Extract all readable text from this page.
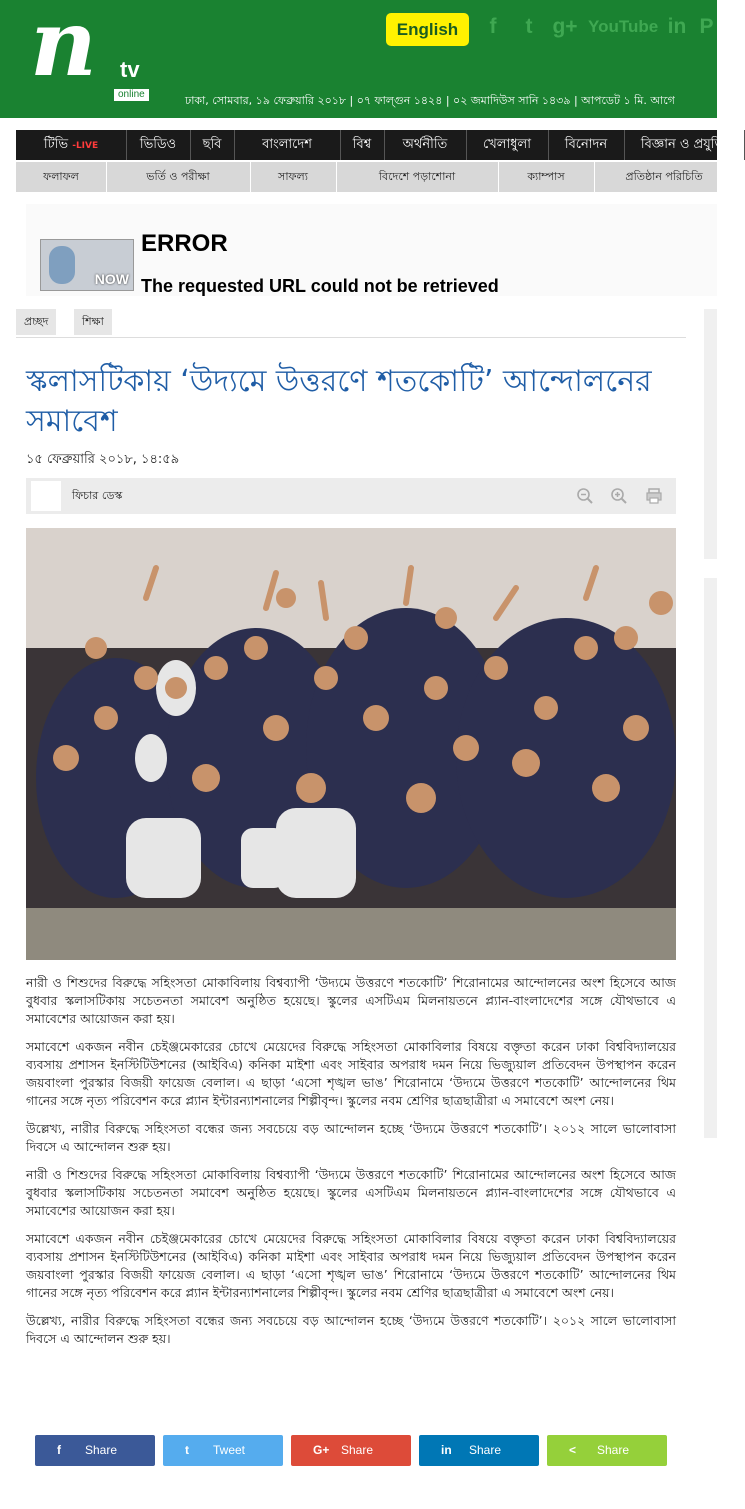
n tv
online
English	f	t g+ YouTube in P
ঢাকা, সোমবার, ১৯ ফেব্রুয়ারি ২০১৮ | ০৭ ফাল্গুন ১৪২৪ | ০২ জমাদিউস সানি ১৪৩৯ | আপডেট ১ মি. আগে
টিভি -LIVE	ভিডিও	ছবি	বাংলাদেশ	বিশ্ব	অর্থনীতি	খেলাধুলা	বিনোদন	বিজ্ঞান ও প্রযুক্তি
ফলাফল	ভর্তি ও পরীক্ষা	সাফল্য	বিদেশে পড়াশোনা	ক্যাম্পাস	প্রতিষ্ঠান পরিচিতি
NOW
ERROR
The requested URL could not be retrieved
প্রচ্ছদ	শিক্ষা
স্কলাসটিকায় ‘উদ্যমে উত্তরণে শতকোটি’ আন্দোলনের সমাবেশ
১৫ ফেব্রুয়ারি ২০১৮, ১৪:৫৯
ফিচার ডেস্ক

নারী ও শিশুদের বিরুদ্ধে সহিংসতা মোকাবিলায় বিশ্বব্যাপী ‘উদ্যমে উত্তরণে শতকোটি’ শিরোনামের আন্দোলনের অংশ হিসেবে আজ বুধবার স্কলাসটিকায় সচেতনতা সমাবেশ অনুষ্ঠিত হয়েছে। স্কুলের এসটিএম মিলনায়তনে প্ল্যান-বাংলাদেশের সঙ্গে যৌথভাবে এ সমাবেশের আয়োজন করা হয়।

সমাবেশে একজন নবীন চেইঞ্জমেকারের চোখে মেয়েদের বিরুদ্ধে সহিংসতা মোকাবিলার বিষয়ে বক্তৃতা করেন ঢাকা বিশ্ববিদ্যালয়ের ব্যবসায় প্রশাসন ইনস্টিটিউশনের (আইবিএ) কনিকা মাইশা এবং সাইবার অপরাধ দমন নিয়ে ভিজ্যুয়াল প্রতিবেদন উপস্থাপন করেন জয়বাংলা পুরস্কার বিজয়ী ফায়েজ বেলাল। এ ছাড়া ‘এসো শৃঙ্খল ভাঙ’ শিরোনামে ‘উদ্যমে উত্তরণে শতকোটি’ আন্দোলনের থিম গানের সঙ্গে নৃত্য পরিবেশন করে প্ল্যান ইন্টারন্যাশনালের শিল্পীবৃন্দ। স্কুলের নবম শ্রেণির ছাত্রছাত্রীরা এ সমাবেশে অংশ নেয়।

উল্লেখ্য, নারীর বিরুদ্ধে সহিংসতা বন্ধের জন্য সবচেয়ে বড় আন্দোলন হচ্ছে ‘উদ্যমে উত্তরণে শতকোটি’। ২০১২ সালে ভালোবাসা দিবসে এ আন্দোলন শুরু হয়।

নারী ও শিশুদের বিরুদ্ধে সহিংসতা মোকাবিলায় বিশ্বব্যাপী ‘উদ্যমে উত্তরণে শতকোটি’ শিরোনামের আন্দোলনের অংশ হিসেবে আজ বুধবার স্কলাসটিকায় সচেতনতা সমাবেশ অনুষ্ঠিত হয়েছে। স্কুলের এসটিএম মিলনায়তনে প্ল্যান-বাংলাদেশের সঙ্গে যৌথভাবে এ সমাবেশের আয়োজন করা হয়।

সমাবেশে একজন নবীন চেইঞ্জমেকারের চোখে মেয়েদের বিরুদ্ধে সহিংসতা মোকাবিলার বিষয়ে বক্তৃতা করেন ঢাকা বিশ্ববিদ্যালয়ের ব্যবসায় প্রশাসন ইনস্টিটিউশনের (আইবিএ) কনিকা মাইশা এবং সাইবার অপরাধ দমন নিয়ে ভিজ্যুয়াল প্রতিবেদন উপস্থাপন করেন জয়বাংলা পুরস্কার বিজয়ী ফায়েজ বেলাল। এ ছাড়া ‘এসো শৃঙ্খল ভাঙ’ শিরোনামে ‘উদ্যমে উত্তরণে শতকোটি’ আন্দোলনের থিম গানের সঙ্গে নৃত্য পরিবেশন করে প্ল্যান ইন্টারন্যাশনালের শিল্পীবৃন্দ। স্কুলের নবম শ্রেণির ছাত্রছাত্রীরা এ সমাবেশে অংশ নেয়।

উল্লেখ্য, নারীর বিরুদ্ধে সহিংসতা বন্ধের জন্য সবচেয়ে বড় আন্দোলন হচ্ছে ‘উদ্যমে উত্তরণে শতকোটি’। ২০১২ সালে ভালোবাসা দিবসে এ আন্দোলন শুরু হয়।

f Share	t Tweet	G+ Share	in Share	< Share
